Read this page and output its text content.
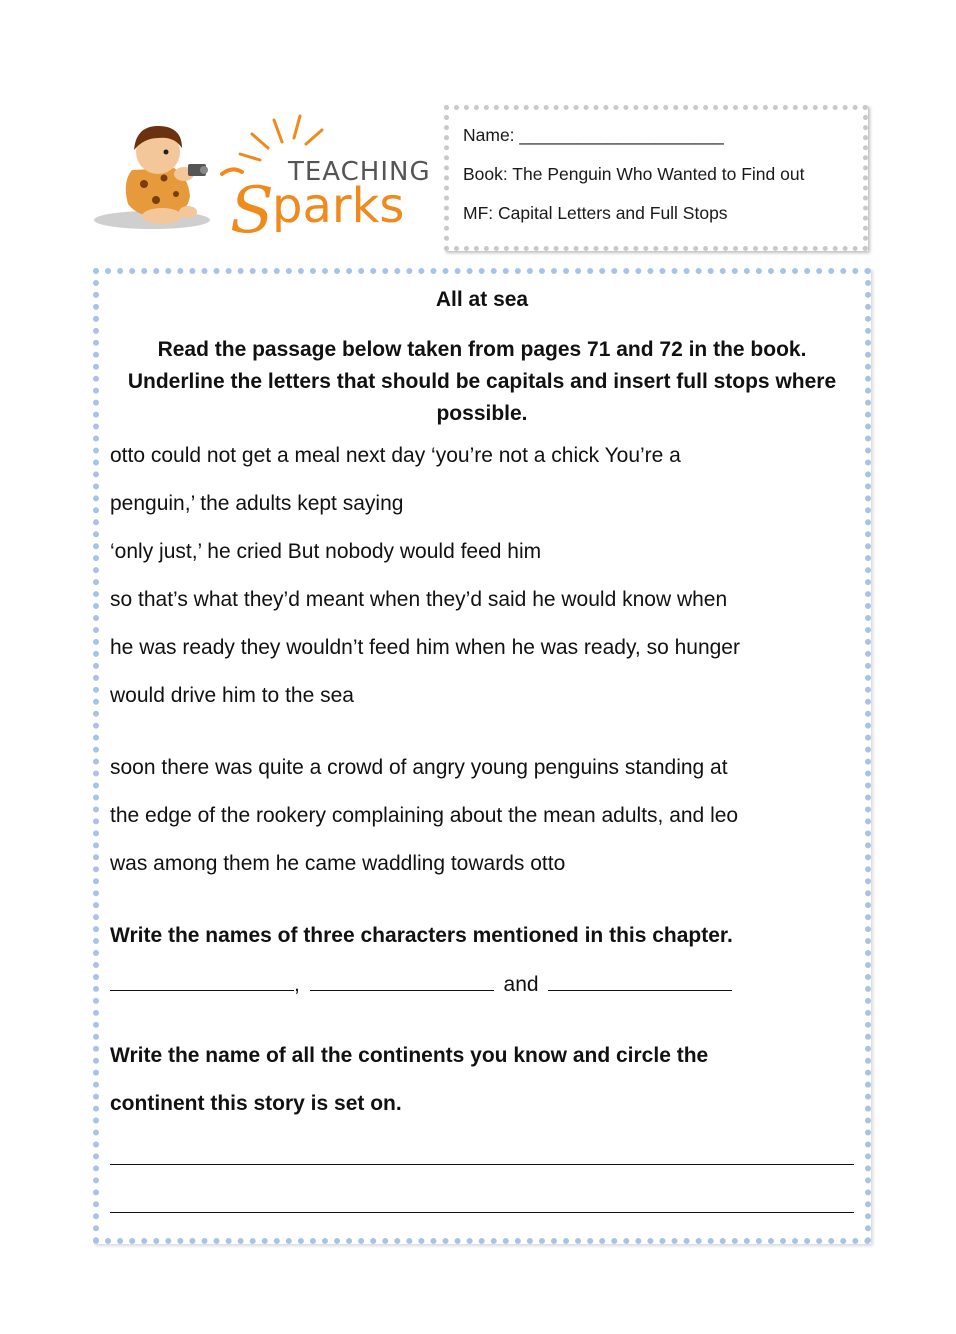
TEACHING
S
parks
Name: _____________________
Book: The Penguin Who Wanted to Find out
MF: Capital Letters and Full Stops
All at sea
Read the passage below taken from pages 71 and 72 in the book. Underline the letters that should be capitals and insert full stops where possible.
otto could not get a meal next day ‘you’re not a chick You’re a
penguin,’ the adults kept saying
‘only just,’ he cried But nobody would feed him
so that’s what they’d meant when they’d said he would know when
he was ready they wouldn’t feed him when he was ready, so hunger
would drive him to the sea
soon there was quite a crowd of angry young penguins standing at
the edge of the rookery complaining about the mean adults, and leo
was among them he came waddling towards otto
Write the names of three characters mentioned in this chapter.
,	and
Write the name of all the continents you know and circle the
continent this story is set on.
